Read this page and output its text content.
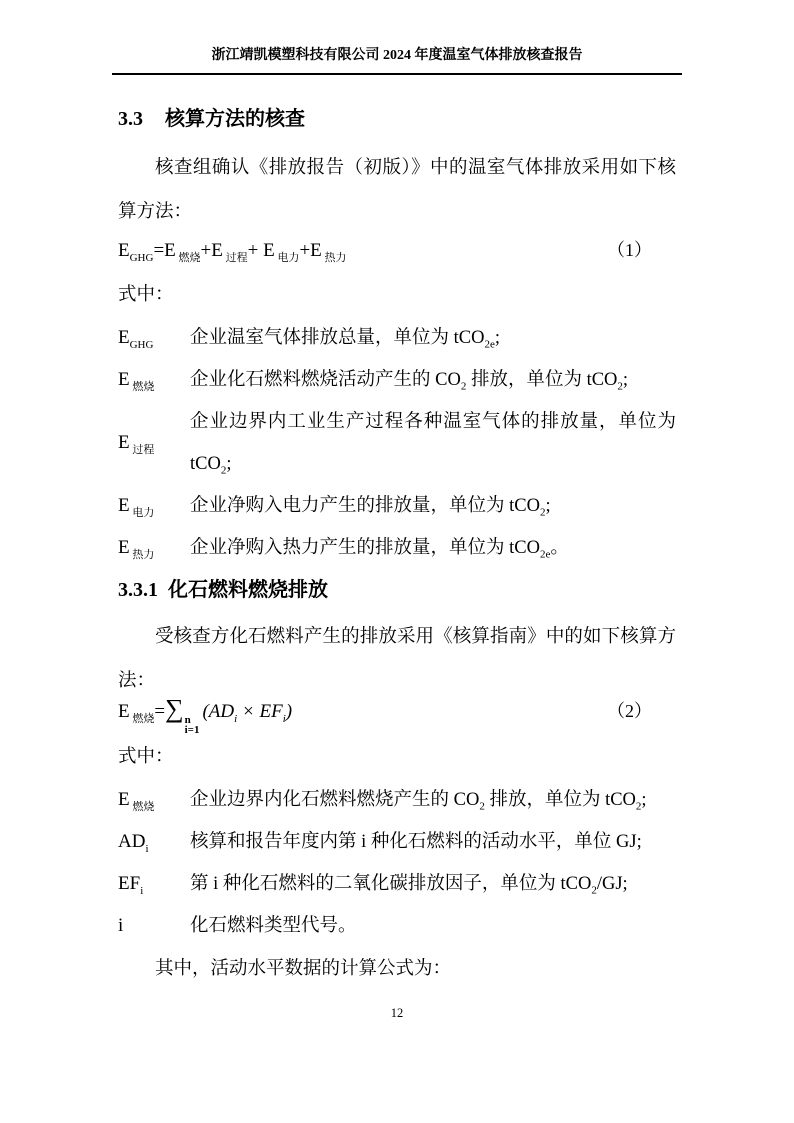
浙江靖凯模塑科技有限公司 2024 年度温室气体排放核查报告
3.3 核算方法的核查

核查组确认《排放报告（初版）》中的温室气体排放采用如下核算方法：

$E_{GHG}=E$ $_{燃烧}$+E $_{过程}$+ E $_{电力}$+E $_{热力}$	（1）

式中：

$E_{GHG}$	企业温室气体排放总量，单位为 tCO$_{2e}$;
E $_{燃烧}$	企业化石燃料燃烧活动产生的 $CO_2$ 排放，单位为 tCO$_2$;
E $_{过程}$
企业边界内工业生产过程各种温室气体的排放量，单位为
tCO$_2$;
E $_{电力}$	企业净购入电力产生的排放量，单位为 tCO$_2$;
E $_{热力}$	企业净购入热力产生的排放量，单位为 tCO$_{2e}$。
3.3.1 化石燃料燃烧排放

受核查方化石燃料产生的排放采用《核算指南》中的如下核算方法：

E $_{燃烧}$=∑ n
i=1
$(AD_i \times EF_i)$	（2）

式中：

E $_{燃烧}$	企业边界内化石燃料燃烧产生的 $CO_2$ 排放，单位为 tCO$_2$;
$AD_i$	核算和报告年度内第 i 种化石燃料的活动水平，单位 GJ;
$EF_i$	第 i 种化石燃料的二氧化碳排放因子，单位为 tCO$_2$/GJ;
i	化石燃料类型代号。

其中，活动水平数据的计算公式为：

12
